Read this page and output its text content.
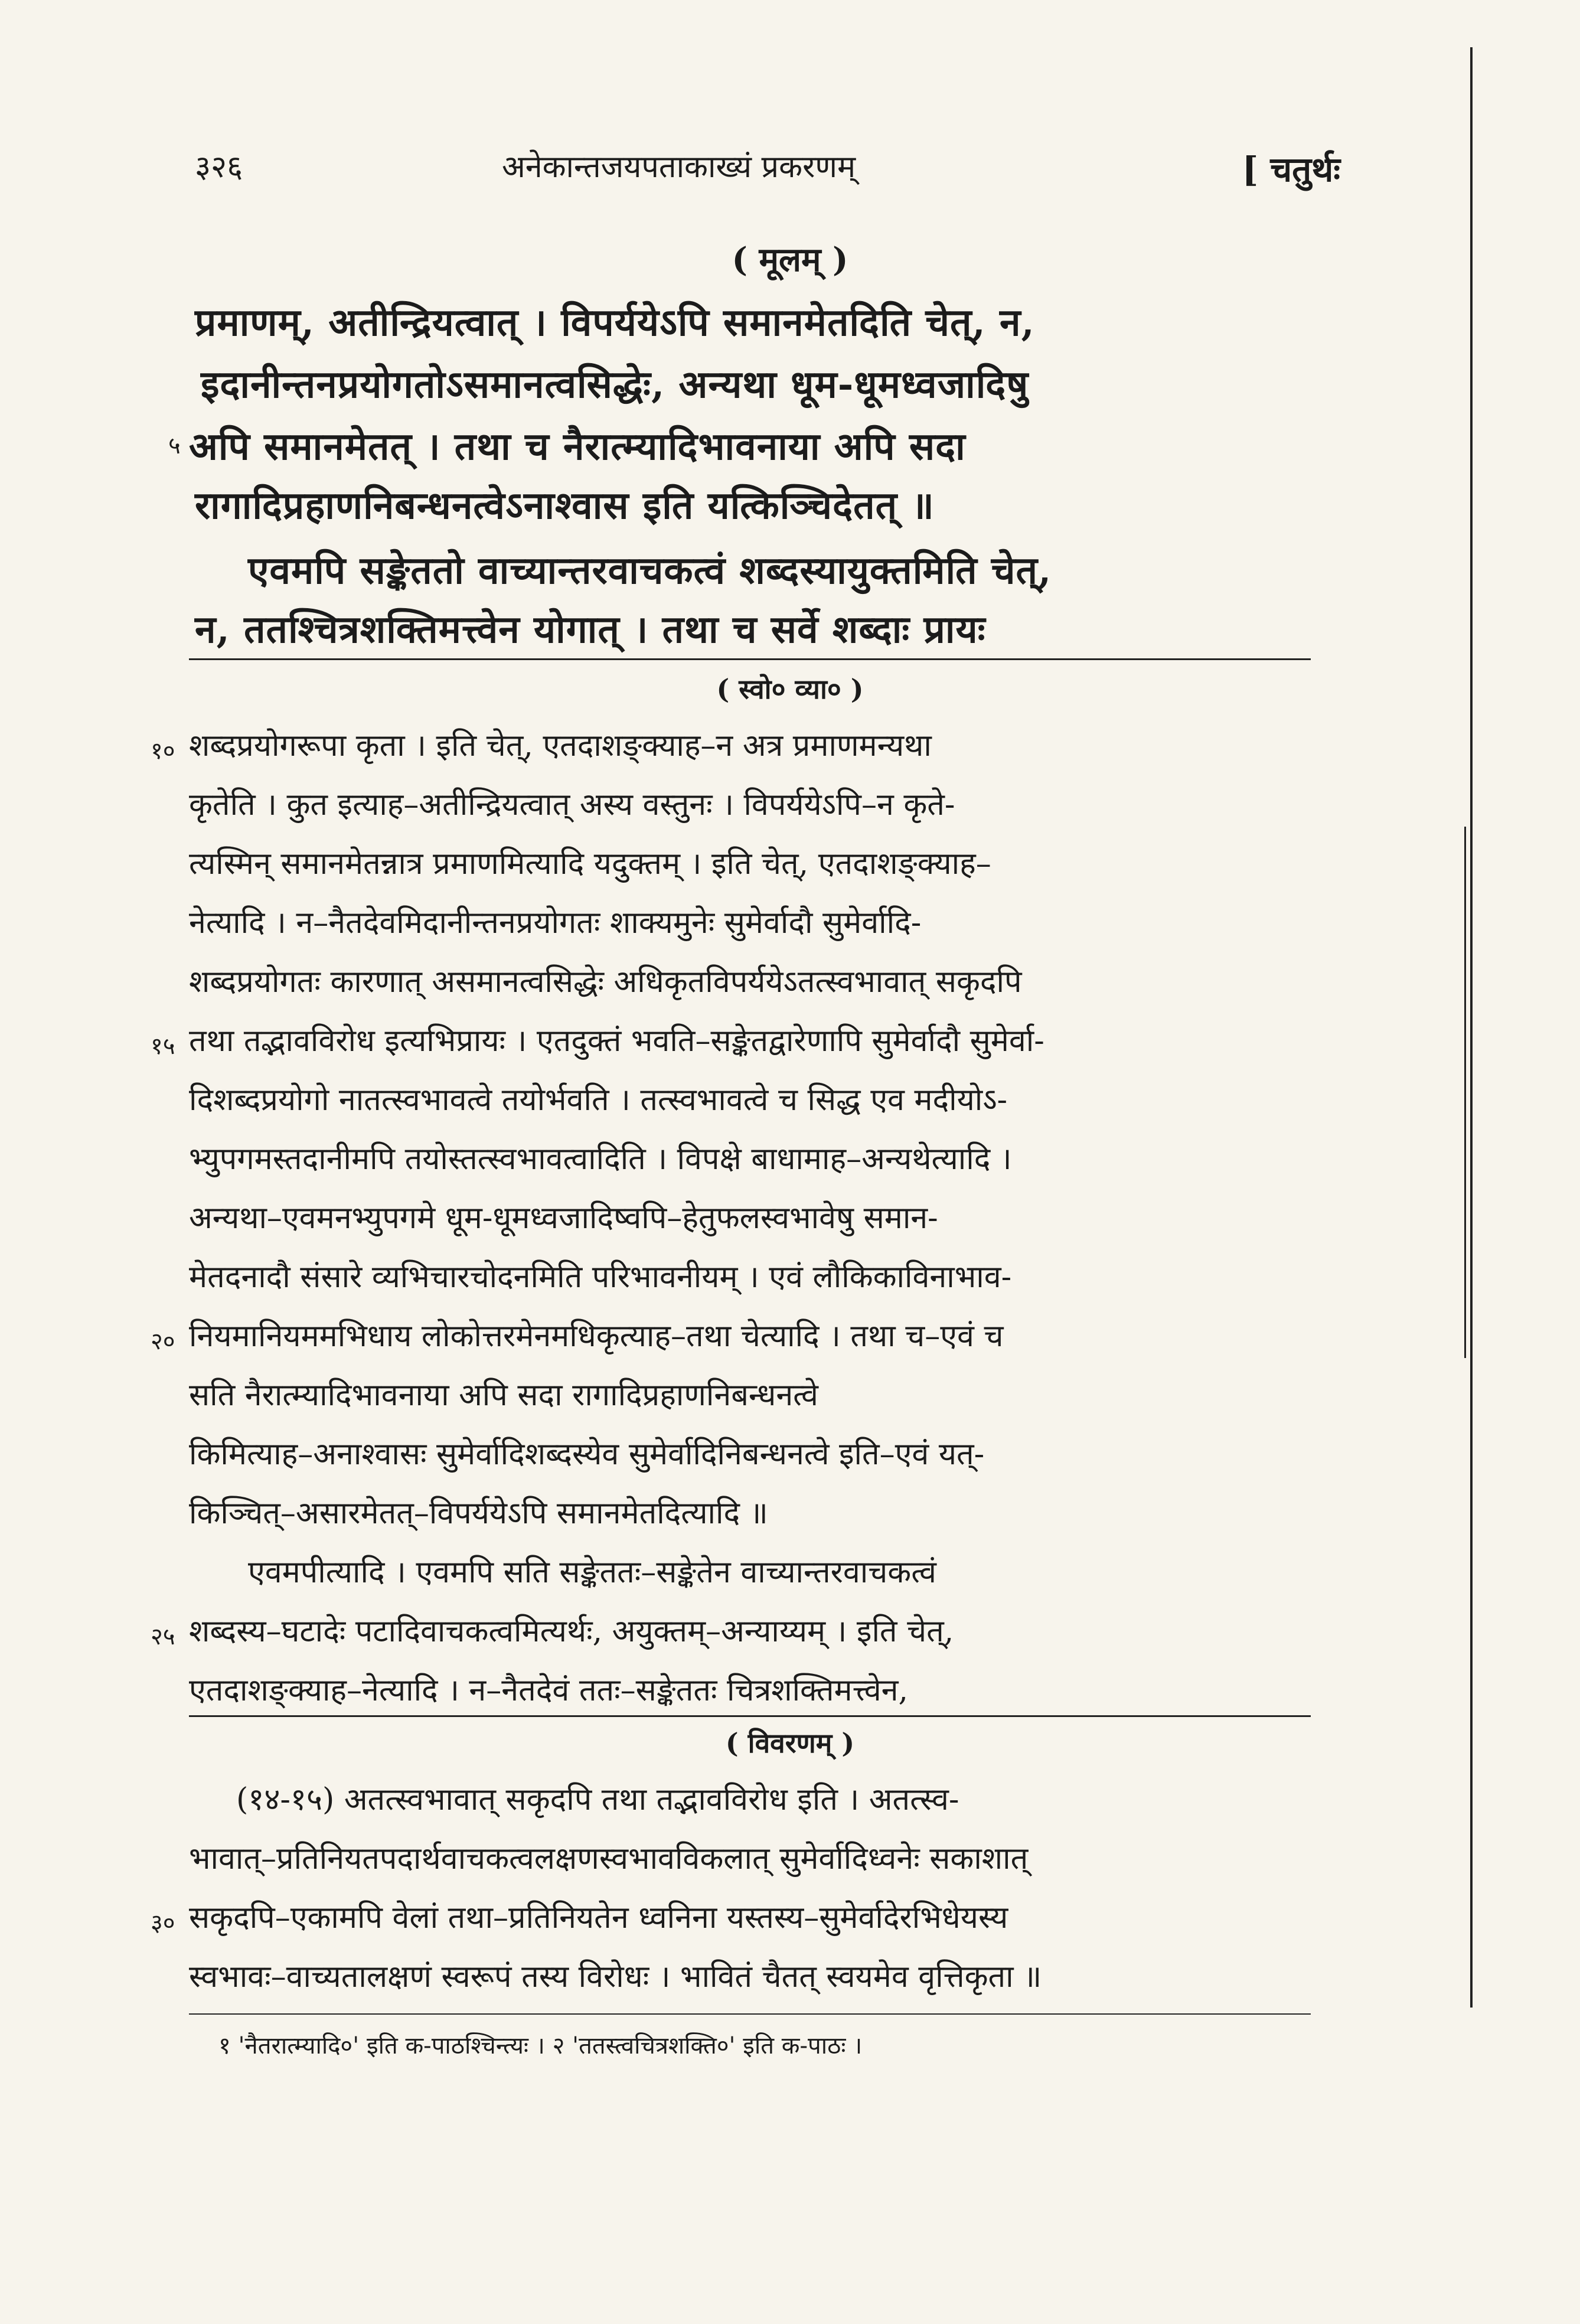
३२६	अनेकान्तजयपताकाख्यं प्रकरणम्	[ चतुर्थः
( मूलम् )
प्रमाणम्, अतीन्द्रियत्वात् । विपर्ययेऽपि समानमेतदिति चेत्, न,
इदानीन्तनप्रयोगतोऽसमानत्वसिद्धेः, अन्यथा धूम-धूमध्वजादिषु
५ अपि समानमेतत् । तथा च नैरात्म्यादिभावनाया अपि सदा
रागादिप्रहाणनिबन्धनत्वेऽनाश्वास इति यत्किञ्चिदेतत् ॥
एवमपि सङ्केततो वाच्यान्तरवाचकत्वं शब्दस्यायुक्तमिति चेत्,
न, ततश्चित्रशक्तिमत्त्वेन योगात् । तथा च सर्वे शब्दाः प्रायः
( स्वो० व्या० )
१० शब्दप्रयोगरूपा कृता । इति चेत्, एतदाशङ्क्याह–न अत्र प्रमाणमन्यथा
कृतेति । कुत इत्याह–अतीन्द्रियत्वात् अस्य वस्तुनः । विपर्ययेऽपि–न कृते-
त्यस्मिन् समानमेतन्नात्र प्रमाणमित्यादि यदुक्तम् । इति चेत्, एतदाशङ्क्याह–
नेत्यादि । न–नैतदेवमिदानीन्तनप्रयोगतः शाक्यमुनेः सुमेर्वादौ सुमेर्वादि-
शब्दप्रयोगतः कारणात् असमानत्वसिद्धेः अधिकृतविपर्ययेऽतत्स्वभावात् सकृदपि
१५ तथा तद्भावविरोध इत्यभिप्रायः । एतदुक्तं भवति–सङ्केतद्वारेणापि सुमेर्वादौ सुमेर्वा-
दिशब्दप्रयोगो नातत्स्वभावत्वे तयोर्भवति । तत्स्वभावत्वे च सिद्ध एव मदीयोऽ-
भ्युपगमस्तदानीमपि तयोस्तत्स्वभावत्वादिति । विपक्षे बाधामाह–अन्यथेत्यादि ।
अन्यथा–एवमनभ्युपगमे धूम-धूमध्वजादिष्वपि–हेतुफलस्वभावेषु समान-
मेतदनादौ संसारे व्यभिचारचोदनमिति परिभावनीयम् । एवं लौकिकाविनाभाव-
२० नियमानियममभिधाय लोकोत्तरमेनमधिकृत्याह–तथा चेत्यादि । तथा च–एवं च
सति नैरात्म्यादिभावनाया अपि सदा रागादिप्रहाणनिबन्धनत्वे
किमित्याह–अनाश्वासः सुमेर्वादिशब्दस्येव सुमेर्वादिनिबन्धनत्वे इति–एवं यत्-
किञ्चित्–असारमेतत्–विपर्ययेऽपि समानमेतदित्यादि ॥
एवमपीत्यादि । एवमपि सति सङ्केततः–सङ्केतेन वाच्यान्तरवाचकत्वं
२५ शब्दस्य–घटादेः पटादिवाचकत्वमित्यर्थः, अयुक्तम्–अन्याय्यम् । इति चेत्,
एतदाशङ्क्याह–नेत्यादि । न–नैतदेवं ततः–सङ्केततः चित्रशक्तिमत्त्वेन,
( विवरणम् )
(१४-१५) अतत्स्वभावात् सकृदपि तथा तद्भावविरोध इति । अतत्स्व-
भावात्–प्रतिनियतपदार्थवाचकत्वलक्षणस्वभावविकलात् सुमेर्वादिध्वनेः सकाशात्
३० सकृदपि–एकामपि वेलां तथा–प्रतिनियतेन ध्वनिना यस्तस्य–सुमेर्वादेरभिधेयस्य
स्वभावः–वाच्यतालक्षणं स्वरूपं तस्य विरोधः । भावितं चैतत् स्वयमेव वृत्तिकृता ॥
१ 'नैतरात्म्यादि०' इति क-पाठश्चिन्त्यः । २ 'ततस्त्वचित्रशक्ति०' इति क-पाठः ।
